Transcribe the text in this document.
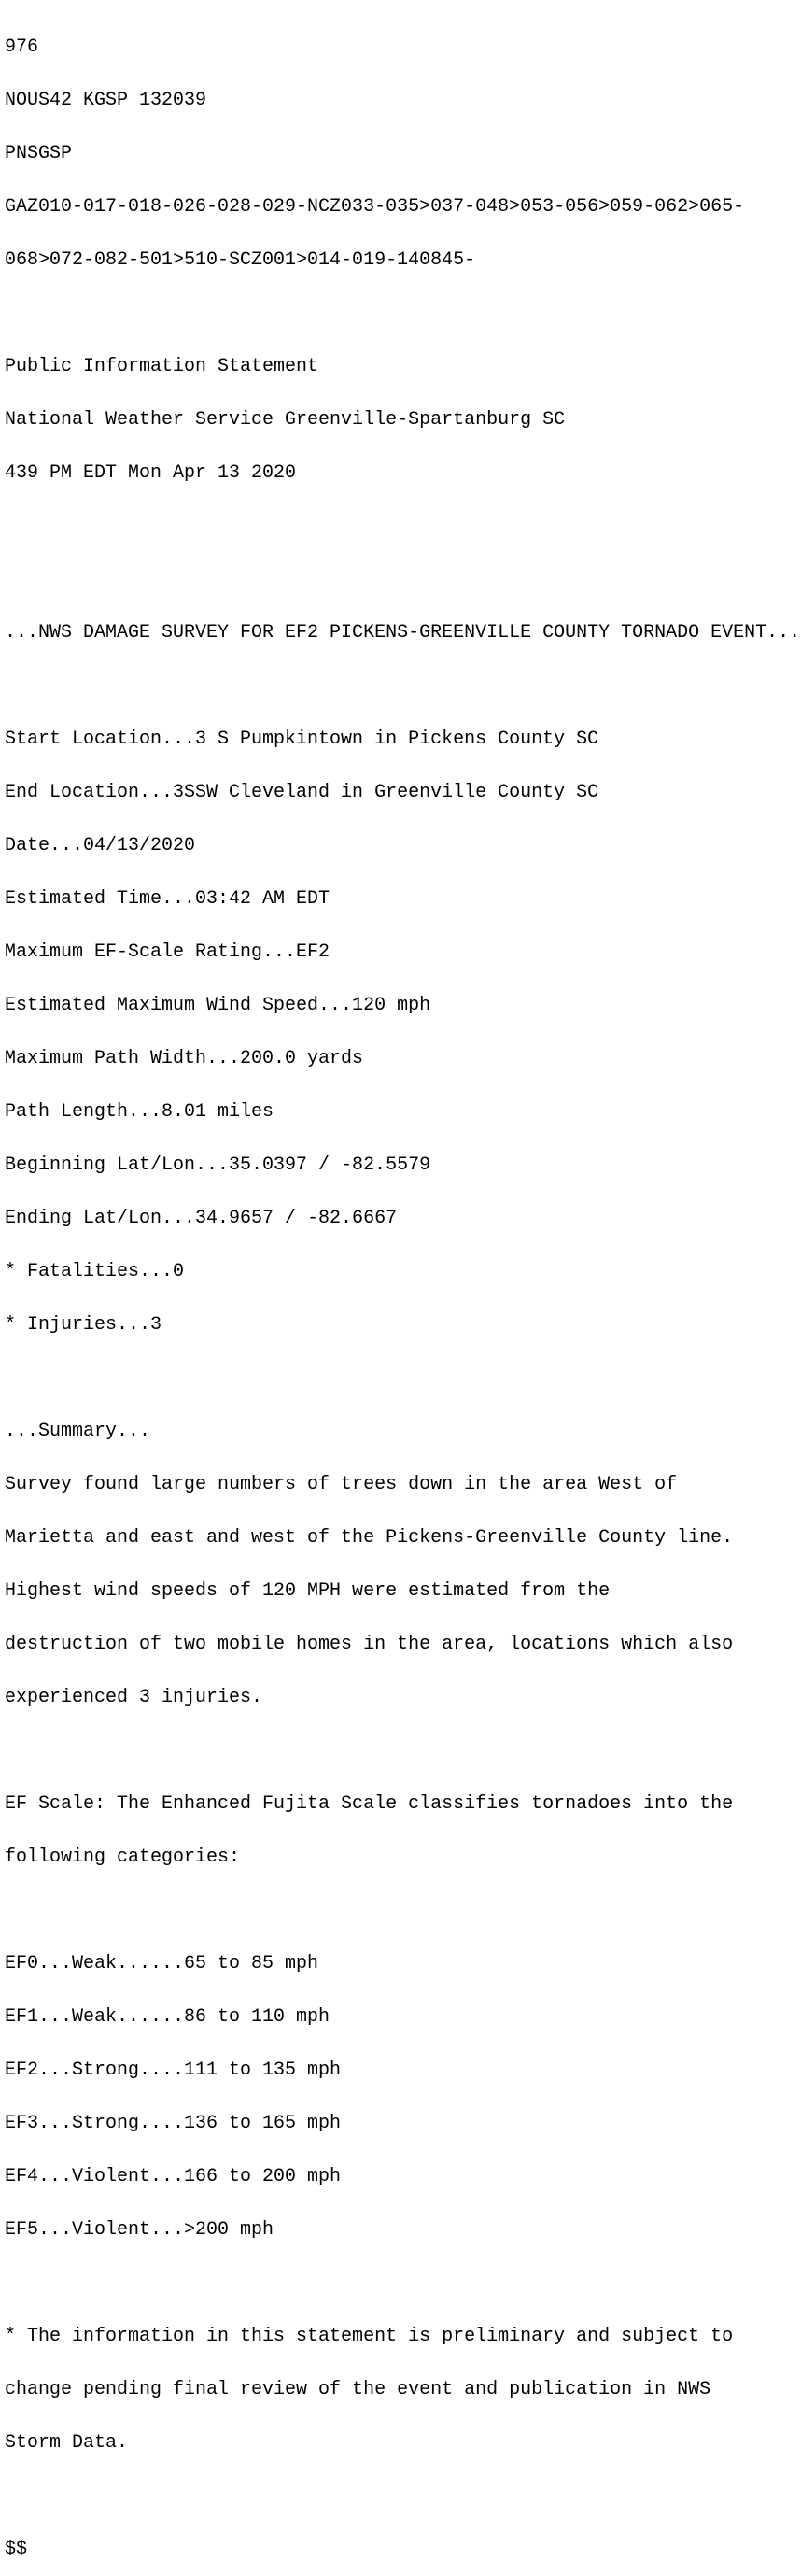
976

NOUS42 KGSP 132039

PNSGSP

GAZ010-017-018-026-028-029-NCZ033-035>037-048>053-056>059-062>065-

068>072-082-501>510-SCZ001>014-019-140845-

Public Information Statement

National Weather Service Greenville-Spartanburg SC

439 PM EDT Mon Apr 13 2020

...NWS DAMAGE SURVEY FOR EF2 PICKENS-GREENVILLE COUNTY TORNADO EVENT...

Start Location...3 S Pumpkintown in Pickens County SC

End Location...3SSW Cleveland in Greenville County SC

Date...04/13/2020

Estimated Time...03:42 AM EDT

Maximum EF-Scale Rating...EF2

Estimated Maximum Wind Speed...120 mph

Maximum Path Width...200.0 yards

Path Length...8.01 miles

Beginning Lat/Lon...35.0397 / -82.5579

Ending Lat/Lon...34.9657 / -82.6667

* Fatalities...0

* Injuries...3

...Summary...

Survey found large numbers of trees down in the area West of

Marietta and east and west of the Pickens-Greenville County line.

Highest wind speeds of 120 MPH were estimated from the

destruction of two mobile homes in the area, locations which also

experienced 3 injuries.

EF Scale: The Enhanced Fujita Scale classifies tornadoes into the

following categories:

EF0...Weak......65 to 85 mph

EF1...Weak......86 to 110 mph

EF2...Strong....111 to 135 mph

EF3...Strong....136 to 165 mph

EF4...Violent...166 to 200 mph

EF5...Violent...>200 mph

* The information in this statement is preliminary and subject to

change pending final review of the event and publication in NWS

Storm Data.

$$
